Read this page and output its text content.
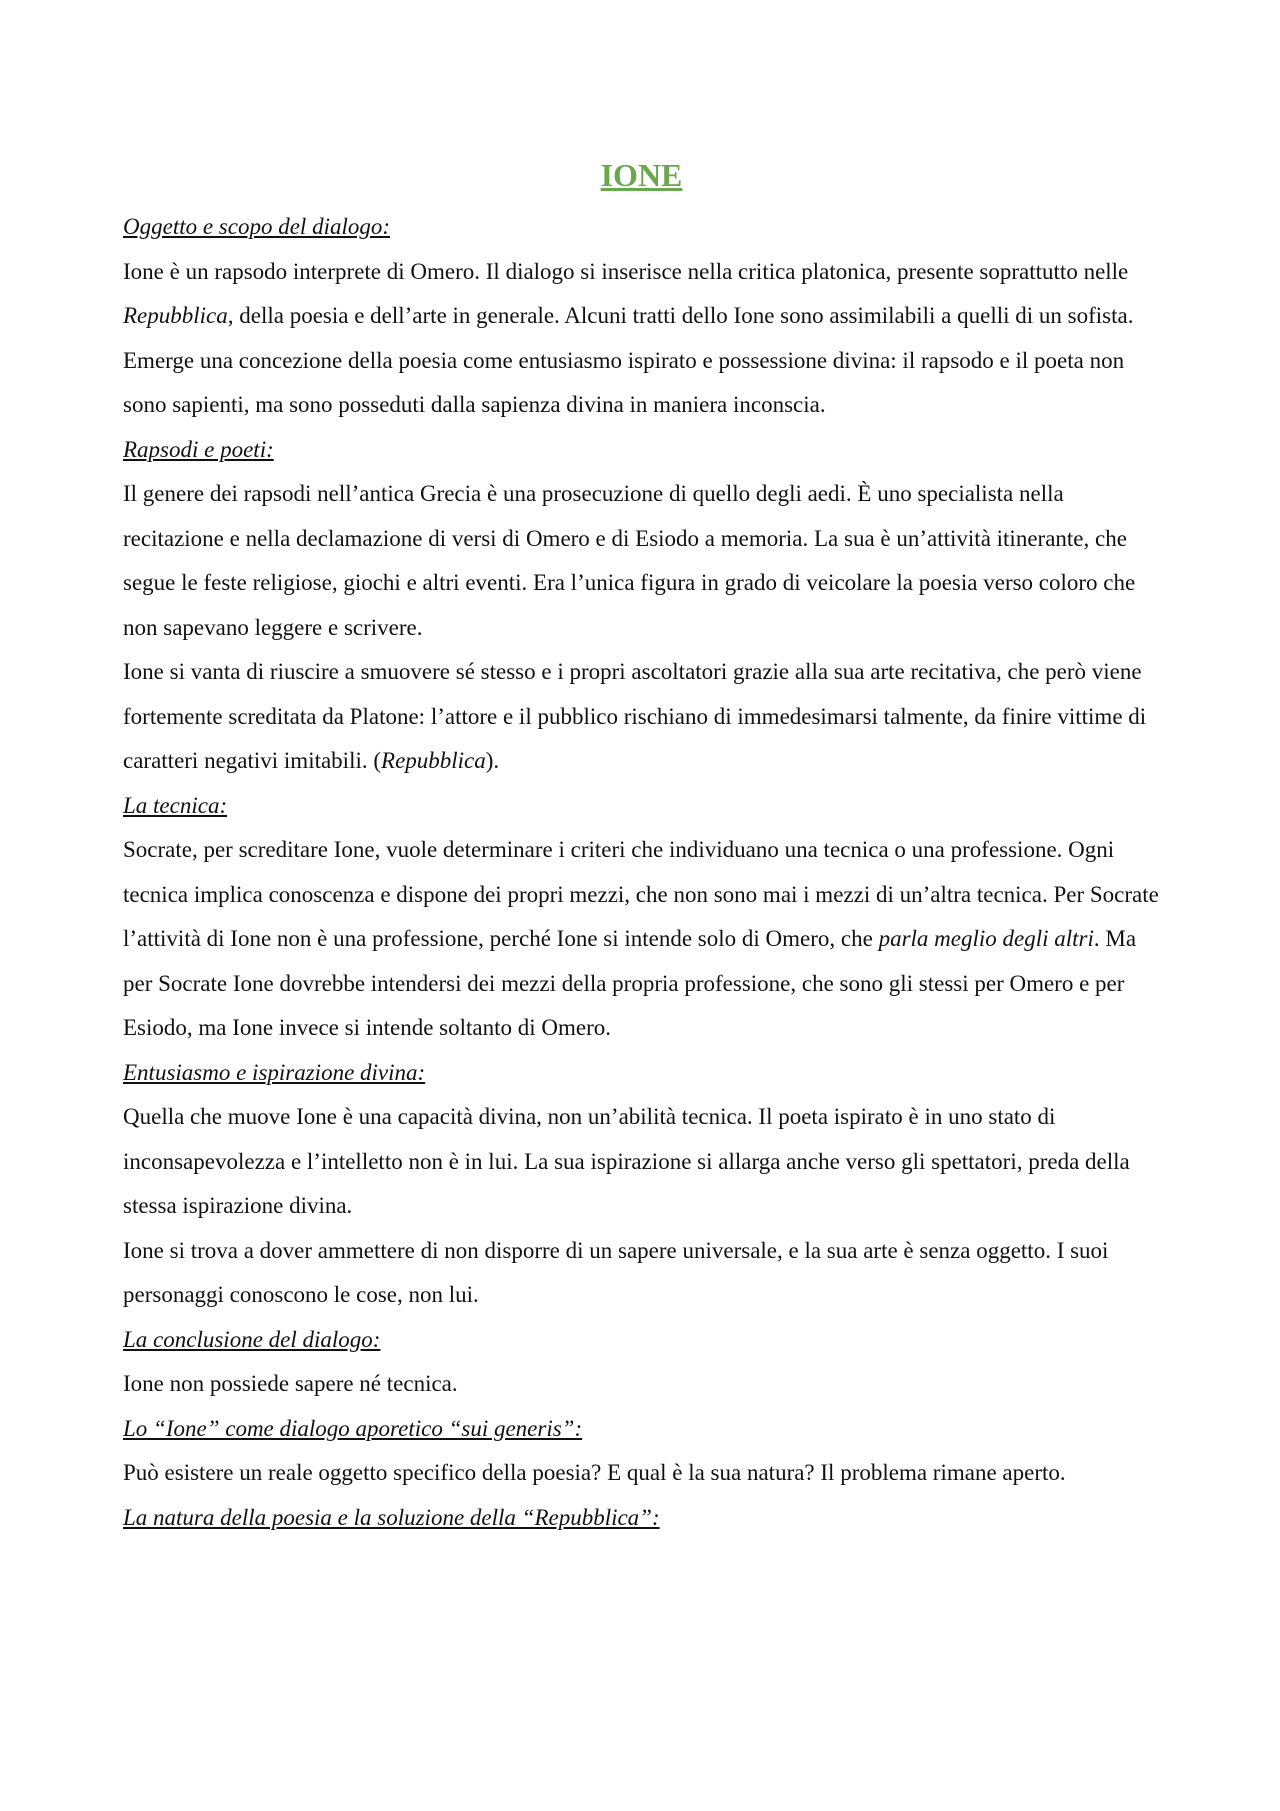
IONE
Oggetto e scopo del dialogo:

Ione è un rapsodo interprete di Omero. Il dialogo si inserisce nella critica platonica, presente soprattutto nelle Repubblica, della poesia e dell’arte in generale. Alcuni tratti dello Ione sono assimilabili a quelli di un sofista.

Emerge una concezione della poesia come entusiasmo ispirato e possessione divina: il rapsodo e il poeta non sono sapienti, ma sono posseduti dalla sapienza divina in maniera inconscia.

Rapsodi e poeti:

Il genere dei rapsodi nell’antica Grecia è una prosecuzione di quello degli aedi. È uno specialista nella recitazione e nella declamazione di versi di Omero e di Esiodo a memoria. La sua è un’attività itinerante, che segue le feste religiose, giochi e altri eventi. Era l’unica figura in grado di veicolare la poesia verso coloro che non sapevano leggere e scrivere.

Ione si vanta di riuscire a smuovere sé stesso e i propri ascoltatori grazie alla sua arte recitativa, che però viene fortemente screditata da Platone: l’attore e il pubblico rischiano di immedesimarsi talmente, da finire vittime di caratteri negativi imitabili. (Repubblica).

La tecnica:

Socrate, per screditare Ione, vuole determinare i criteri che individuano una tecnica o una professione. Ogni tecnica implica conoscenza e dispone dei propri mezzi, che non sono mai i mezzi di un’altra tecnica. Per Socrate l’attività di Ione non è una professione, perché Ione si intende solo di Omero, che parla meglio degli altri. Ma per Socrate Ione dovrebbe intendersi dei mezzi della propria professione, che sono gli stessi per Omero e per Esiodo, ma Ione invece si intende soltanto di Omero.

Entusiasmo e ispirazione divina:

Quella che muove Ione è una capacità divina, non un’abilità tecnica. Il poeta ispirato è in uno stato di inconsapevolezza e l’intelletto non è in lui. La sua ispirazione si allarga anche verso gli spettatori, preda della stessa ispirazione divina.

Ione si trova a dover ammettere di non disporre di un sapere universale, e la sua arte è senza oggetto. I suoi personaggi conoscono le cose, non lui.

La conclusione del dialogo:

Ione non possiede sapere né tecnica.

Lo “Ione” come dialogo aporetico “sui generis”:

Può esistere un reale oggetto specifico della poesia? E qual è la sua natura? Il problema rimane aperto.

La natura della poesia e la soluzione della “Repubblica”:
